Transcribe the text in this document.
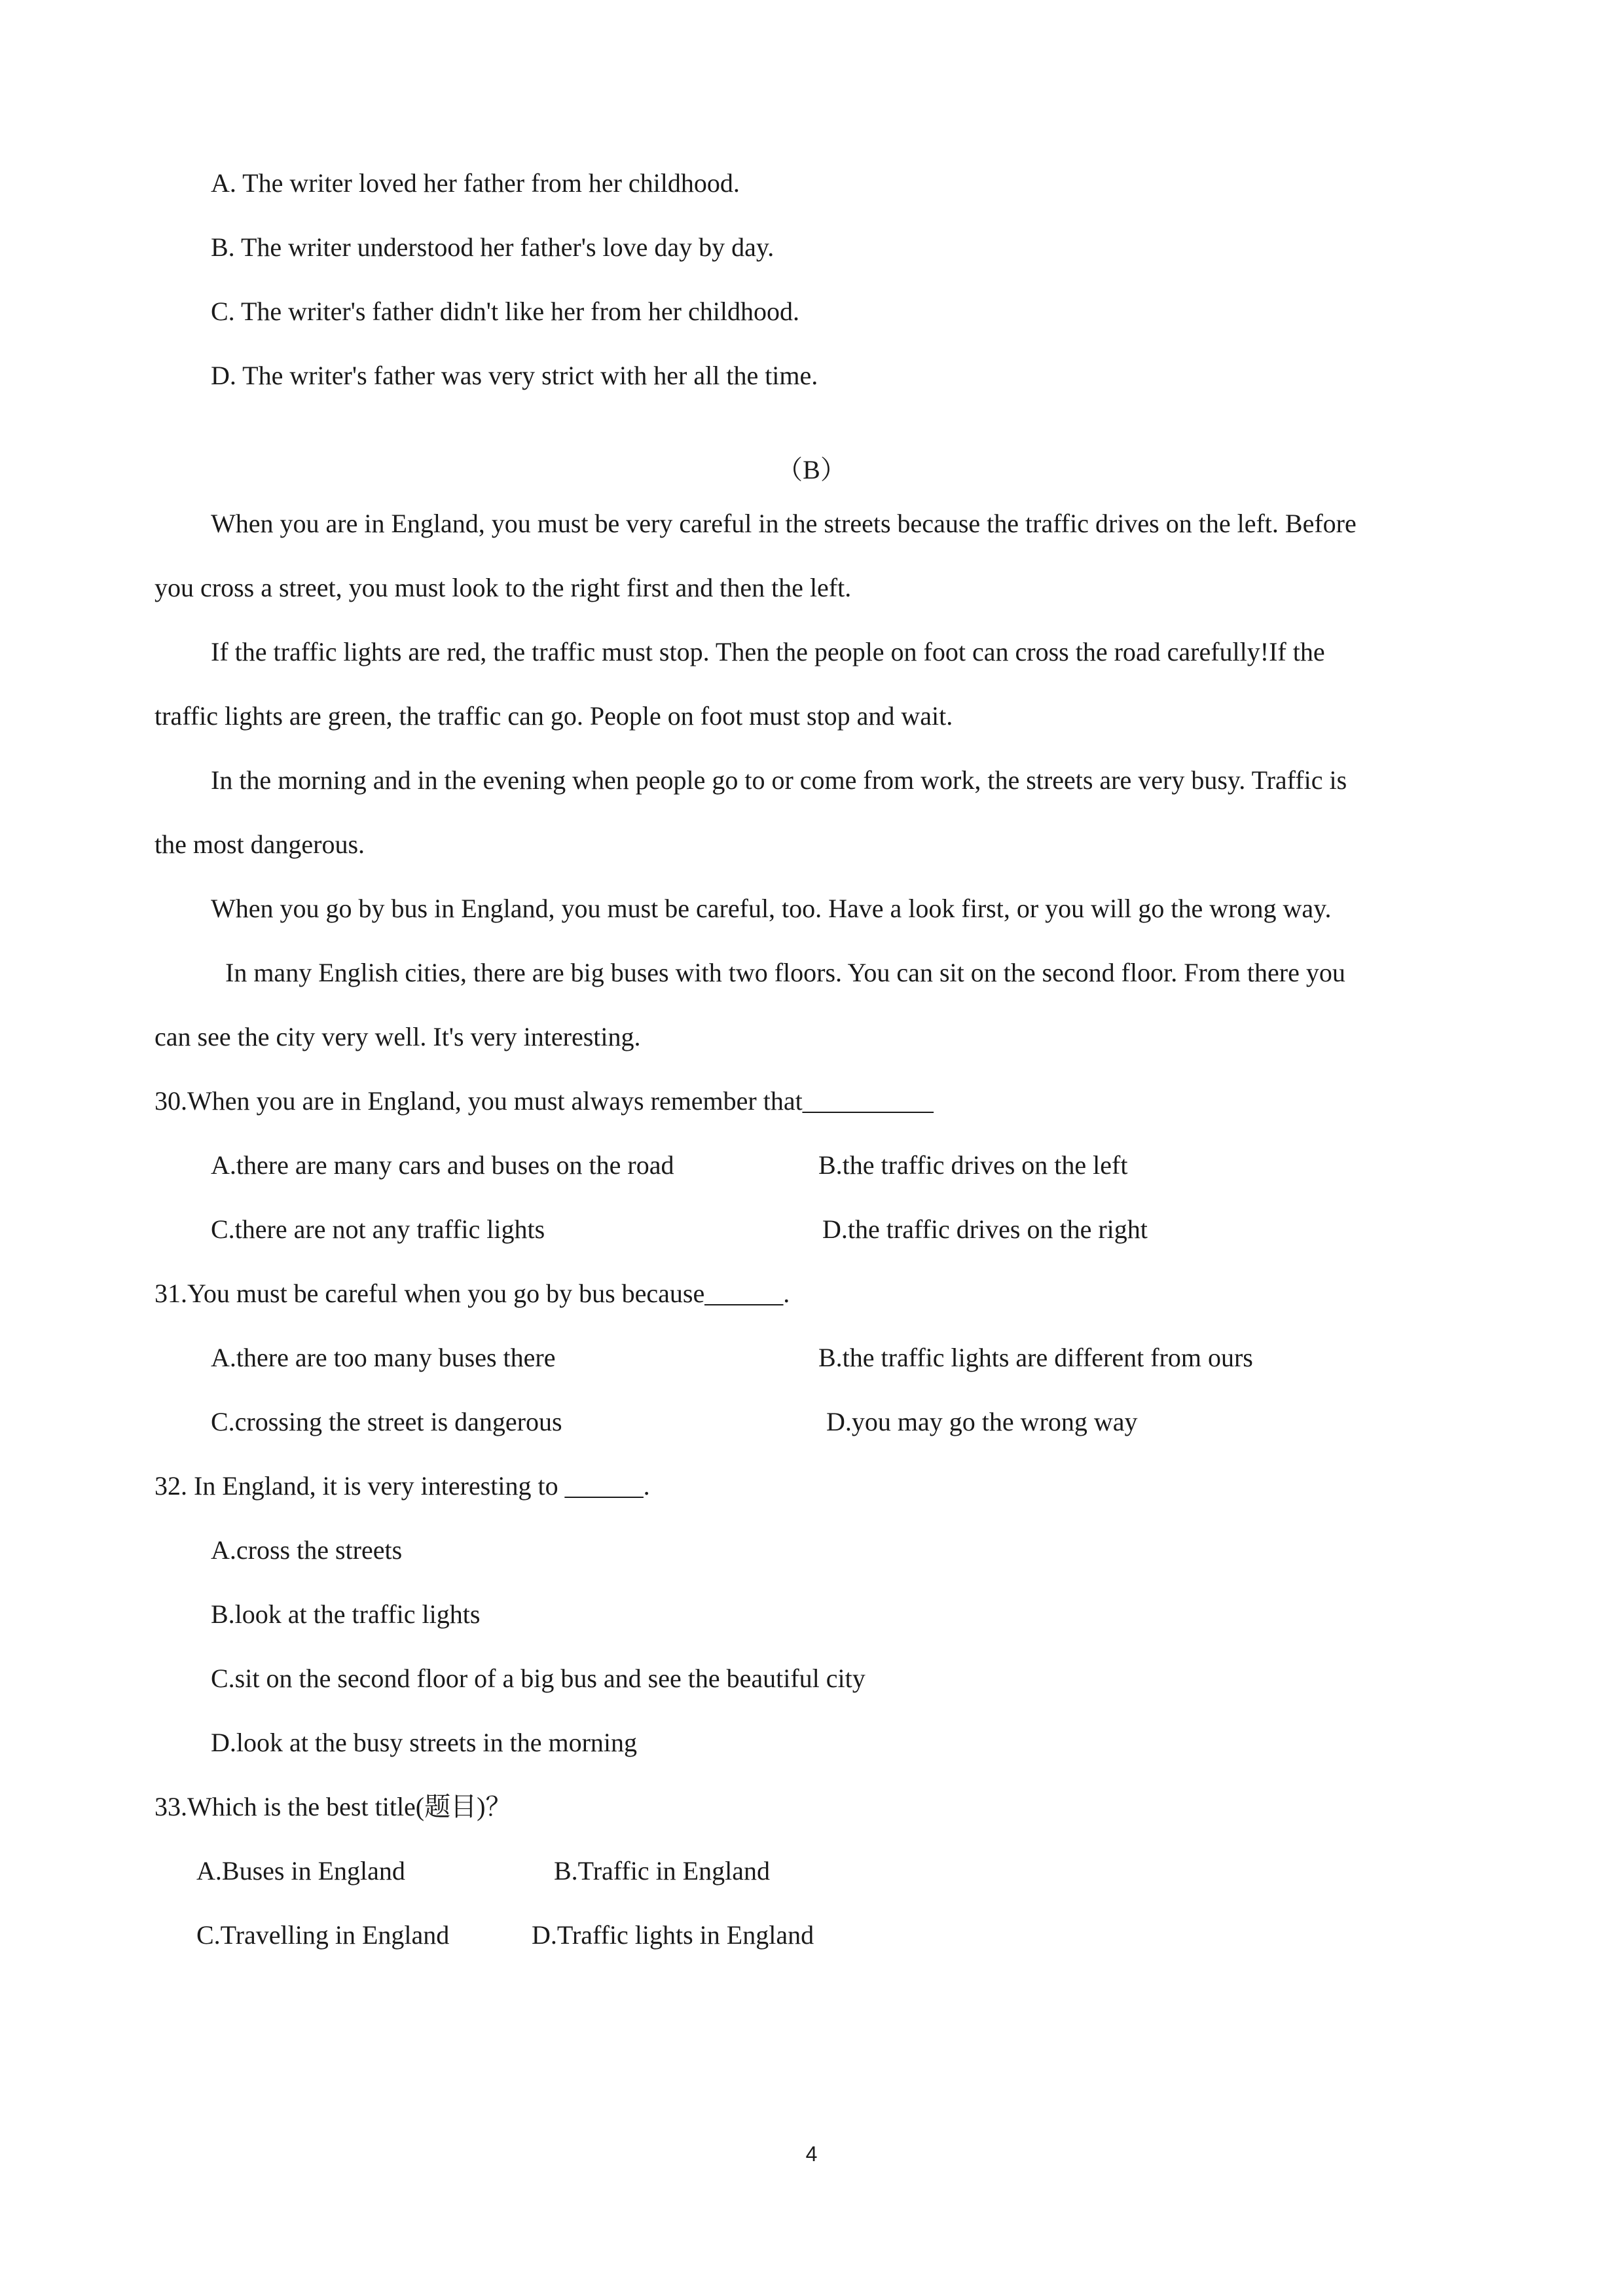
A. The writer loved her father from her childhood.
B. The writer understood her father's love day by day.
C. The writer's father didn't like her from her childhood.
D. The writer's father was very strict with her all the time.
（B）
When you are in England, you must be very careful in the streets because the traffic drives on the left. Before
you cross a street, you must look to the right first and then the left.
If the traffic lights are red, the traffic must stop. Then the people on foot can cross the road carefully!If the
traffic lights are green, the traffic can go. People on foot must stop and wait.
In the morning and in the evening when people go to or come from work, the streets are very busy. Traffic is
the most dangerous.
When you go by bus in England, you must be careful, too. Have a look first, or you will go the wrong way.
In many English cities, there are big buses with two floors. You can sit on the second floor. From there you
can see the city very well. It's very interesting.
30.When you are in England, you must always remember that__________
A.there are many cars and buses on the road	B.the traffic drives on the left
C.there are not any traffic lights	D.the traffic drives on the right
31.You must be careful when you go by bus because______.
A.there are too many buses there	B.the traffic lights are different from ours
C.crossing the street is dangerous	D.you may go the wrong way
32. In England, it is very interesting to ______.
A.cross the streets
B.look at the traffic lights
C.sit on the second floor of a big bus and see the beautiful city
D.look at the busy streets in the morning
33.Which is the best title(题目)？
A.Buses in England	B.Traffic in England
C.Travelling in England	D.Traffic lights in England
4
